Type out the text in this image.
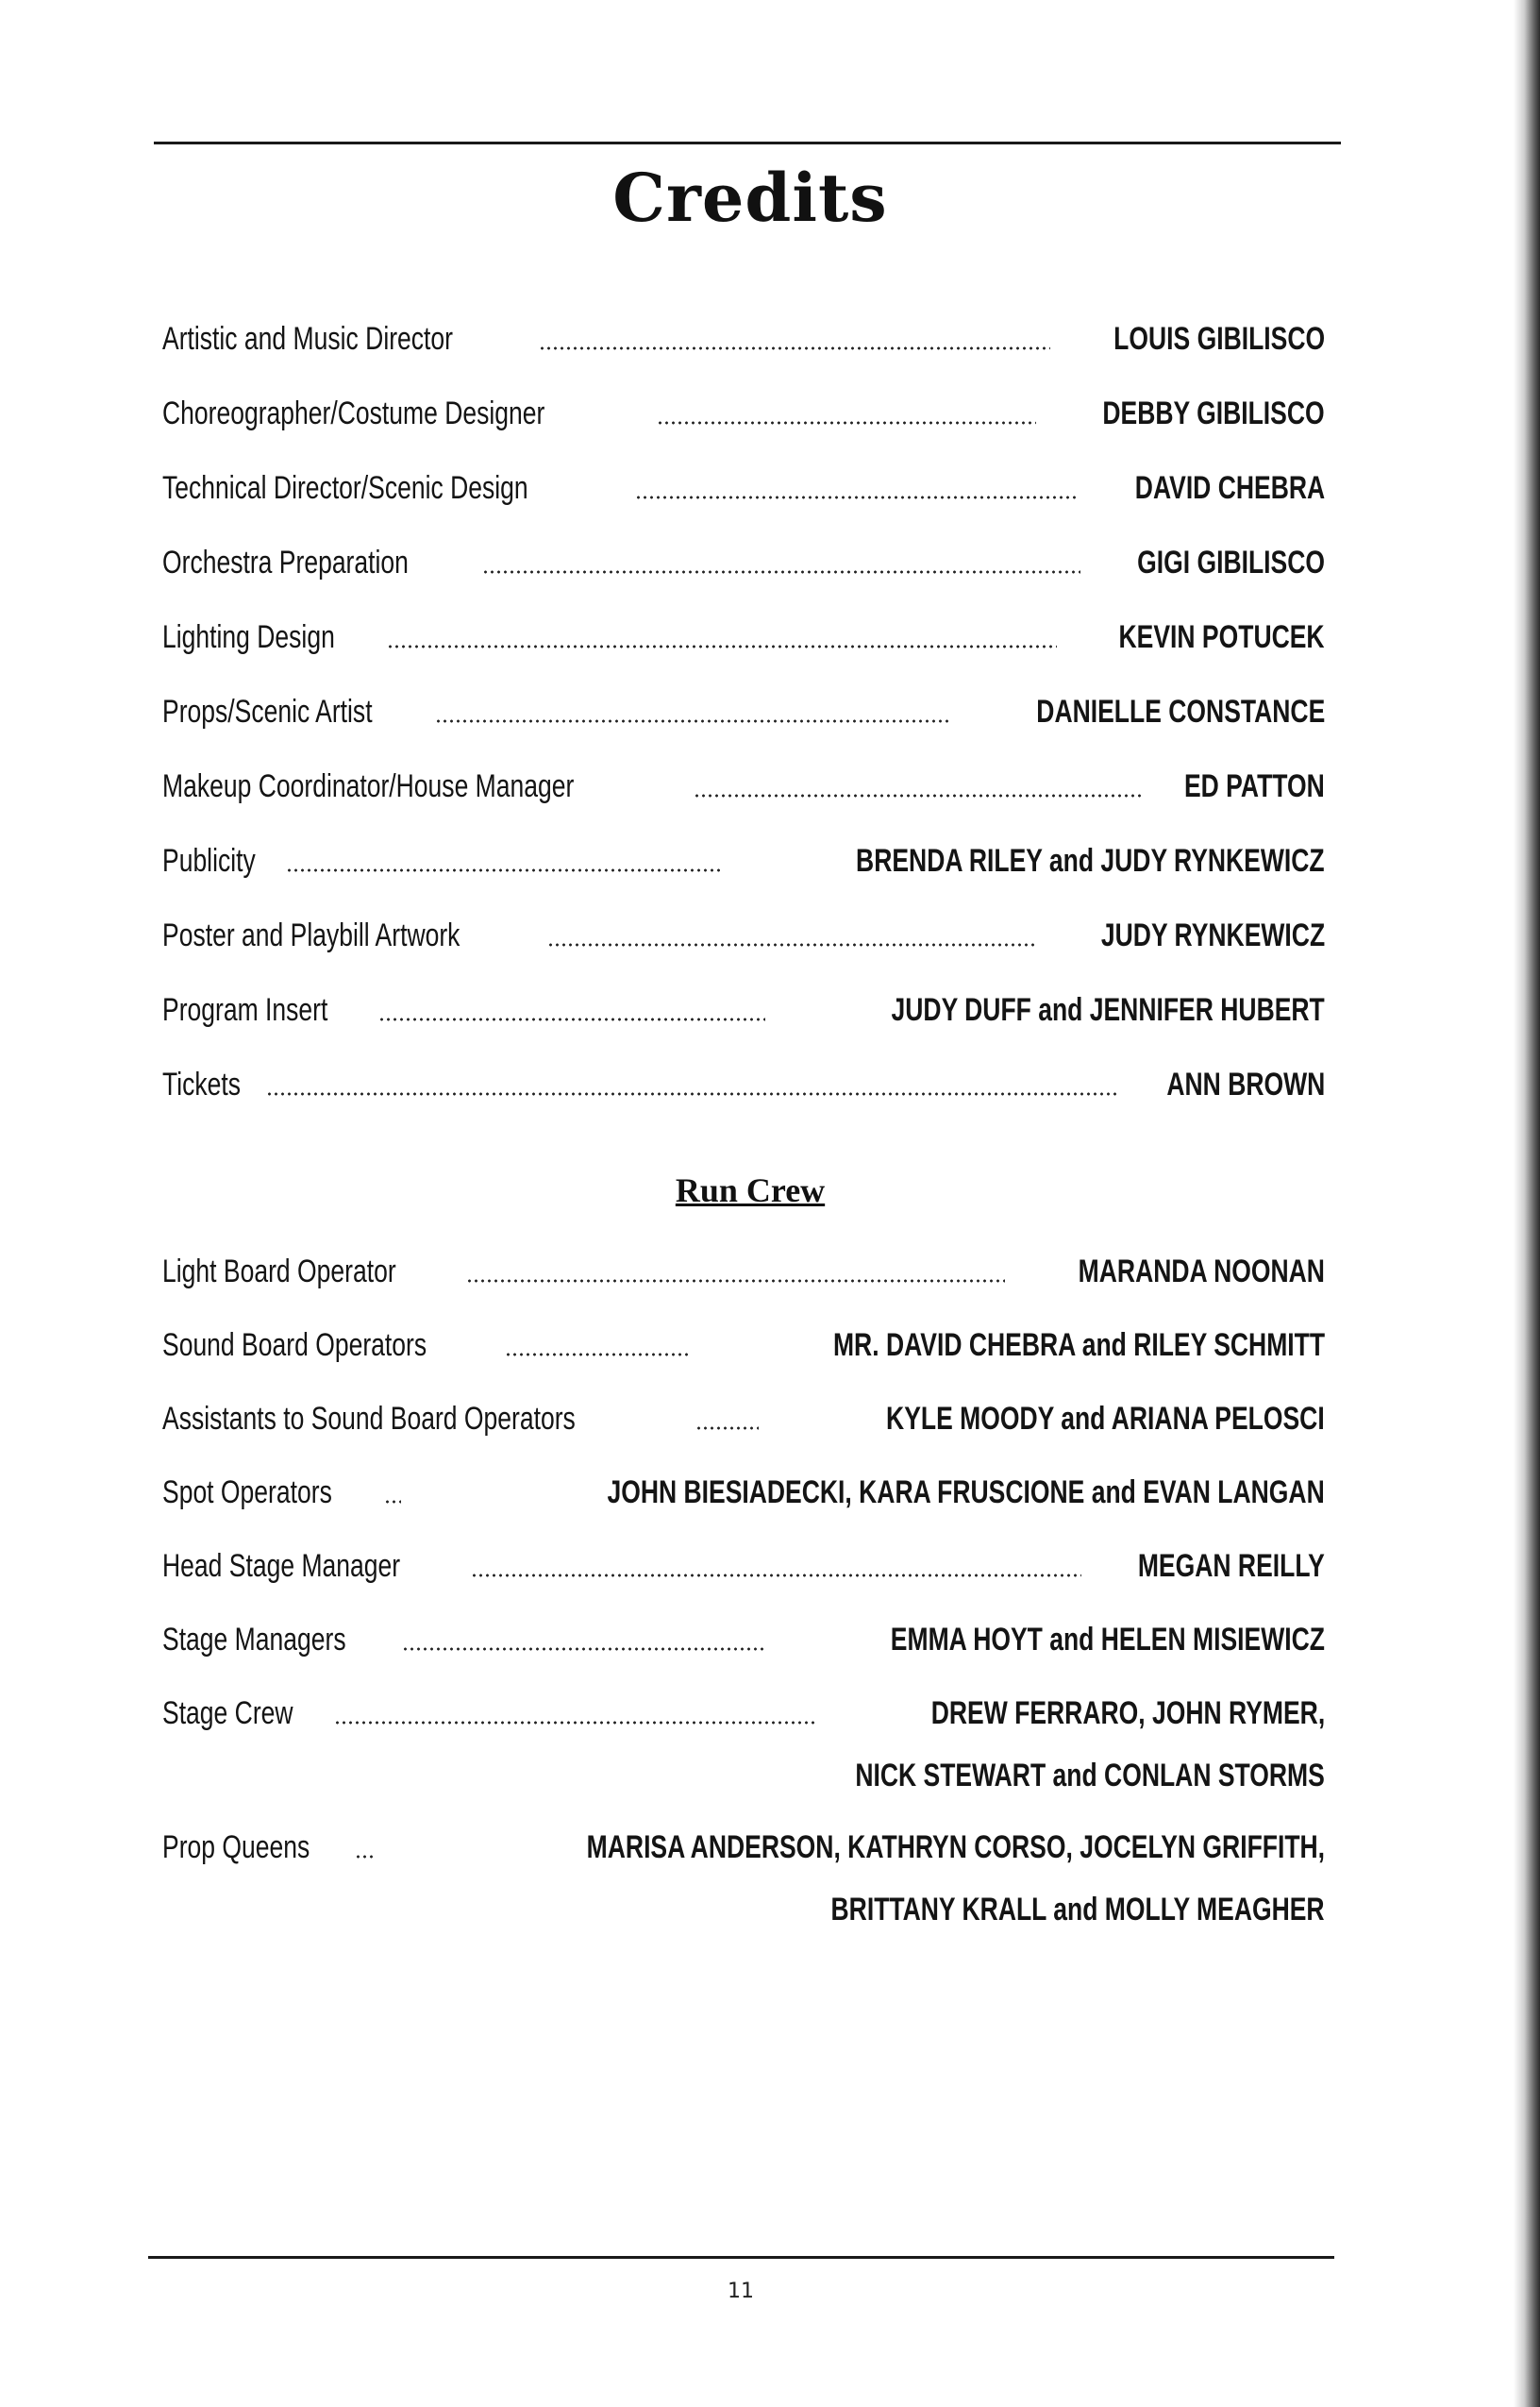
Credits
Artistic and Music Director	LOUIS GIBILISCO
Choreographer/Costume Designer	DEBBY GIBILISCO
Technical Director/Scenic Design	DAVID CHEBRA
Orchestra Preparation	GIGI GIBILISCO
Lighting Design	KEVIN POTUCEK
Props/Scenic Artist	DANIELLE CONSTANCE
Makeup Coordinator/House Manager	ED PATTON
Publicity	BRENDA RILEY and JUDY RYNKEWICZ
Poster and Playbill Artwork	JUDY RYNKEWICZ
Program Insert	JUDY DUFF and JENNIFER HUBERT
Tickets	ANN BROWN
Run Crew
Light Board Operator	MARANDA NOONAN
Sound Board Operators	MR. DAVID CHEBRA and RILEY SCHMITT
Assistants to Sound Board Operators	KYLE MOODY and ARIANA PELOSCI
Spot Operators	JOHN BIESIADECKI, KARA FRUSCIONE and EVAN LANGAN
Head Stage Manager	MEGAN REILLY
Stage Managers	EMMA HOYT and HELEN MISIEWICZ
Stage Crew	DREW FERRARO, JOHN RYMER,
NICK STEWART and CONLAN STORMS
Prop Queens	MARISA ANDERSON, KATHRYN CORSO, JOCELYN GRIFFITH,
BRITTANY KRALL and MOLLY MEAGHER
11
